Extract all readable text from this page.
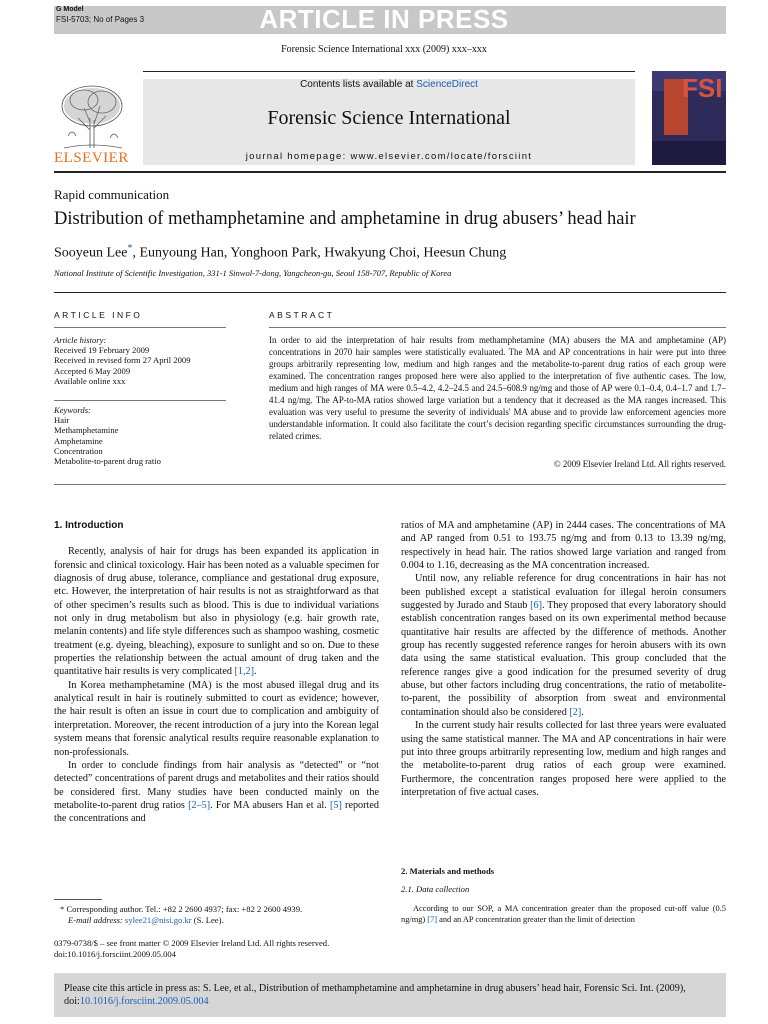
G Model
FSI-5703; No of Pages 3	ARTICLE IN PRESS
Forensic Science International xxx (2009) xxx–xxx
ELSEVIER
Contents lists available at ScienceDirect
Forensic Science International
journal homepage: www.elsevier.com/locate/forsciint
FSI
Rapid communication
Distribution of methamphetamine and amphetamine in drug abusers’ head hair
Sooyeun Lee*, Eunyoung Han, Yonghoon Park, Hwakyung Choi, Heesun Chung
National Institute of Scientific Investigation, 331-1 Sinwol-7-dong, Yangcheon-gu, Seoul 158-707, Republic of Korea
ARTICLE INFO
Article history:
Received 19 February 2009
Received in revised form 27 April 2009
Accepted 6 May 2009
Available online xxx
Keywords:
Hair
Methamphetamine
Amphetamine
Concentration
Metabolite-to-parent drug ratio
ABSTRACT
In order to aid the interpretation of hair results from methamphetamine (MA) abusers the MA and amphetamine (AP) concentrations in 2070 hair samples were statistically evaluated. The MA and AP concentrations in hair were put into three groups arbitrarily representing low, medium and high ranges and the metabolite-to-parent drug ratios of each group were examined. The concentration ranges proposed here were also applied to the interpretation of five authentic cases. The low, medium and high ranges of MA were 0.5–4.2, 4.2–24.5 and 24.5–608.9 ng/mg and those of AP were 0.1–0.4, 0.4–1.7 and 1.7–41.4 ng/mg. The AP-to-MA ratios showed large variation but a tendency that it decreased as the MA ranges increased. This evaluation was very useful to presume the severity of individuals' MA abuse and to provide law enforcement agencies more understandable information. It could also facilitate the court’s decision regarding specific circumstances surrounding the drug-related crimes.
© 2009 Elsevier Ireland Ltd. All rights reserved.
1. Introduction

Recently, analysis of hair for drugs has been expanded its application in forensic and clinical toxicology. Hair has been noted as a valuable specimen for diagnosis of drug abuse, tolerance, compliance and gestational drug exposure, etc. However, the interpretation of hair results is not as straightforward as that of other specimen’s results such as blood. This is due to individual variations not only in drug metabolism but also in physiology (e.g. hair growth rate, melanin contents) and life style differences such as shampoo washing, cosmetic treatment (e.g. dyeing, bleaching), exposure to sunlight and so on. Due to these properties the relationship between the actual amount of drug taken and the quantitative hair results is very complicated [1,2].

In Korea methamphetamine (MA) is the most abused illegal drug and its analytical result in hair is routinely submitted to court as evidence; however, the hair result is often an issue in court due to complication and ambiguity of interpretation. Moreover, the recent introduction of a jury into the Korean legal system means that forensic analytical results require reasonable explanation to non-professionals.

In order to conclude findings from hair analysis as “detected” or “not detected” concentrations of parent drugs and metabolites and their ratios should be considered first. Many studies have been conducted mainly on the metabolite-to-parent drug ratios [2–5]. For MA abusers Han et al. [5] reported the concentrations and

ratios of MA and amphetamine (AP) in 2444 cases. The concentrations of MA and AP ranged from 0.51 to 193.75 ng/mg and from 0.13 to 13.39 ng/mg, respectively in head hair. The ratios showed large variation and ranged from 0.004 to 1.16, decreasing as the MA concentration increased.

Until now, any reliable reference for drug concentrations in hair has not been published except a statistical evaluation for illegal heroin consumers suggested by Jurado and Staub [6]. They proposed that every laboratory should establish concentration ranges based on its own experimental method because quantitative hair results are affected by the difference of methods. Another group has recently suggested reference ranges for heroin abusers with its own data using the same statistical evaluation. This group concluded that the reference ranges give a good indication for the presumed severity of drug abuse, but other factors including drug concentrations, the ratio of metabolite-to-parent, the possibility of absorption from sweat and environmental contamination should also be considered [2].

In the current study hair results collected for last three years were evaluated using the same statistical manner. The MA and AP concentrations in hair were put into three groups arbitrarily representing low, medium and high ranges and the metabolite-to-parent drug ratios of each group were examined. Furthermore, the concentration ranges proposed here were applied to the interpretation of five actual cases.

2. Materials and methods
2.1. Data collection
According to our SOP, a MA concentration greater than the proposed cut-off value (0.5 ng/mg) [7] and an AP concentration greater than the limit of detection
* Corresponding author. Tel.: +82 2 2600 4937; fax: +82 2 2600 4939.
E-mail address: sylee21@nisi.go.kr (S. Lee).
0379-0738/$ – see front matter © 2009 Elsevier Ireland Ltd. All rights reserved.
doi:10.1016/j.forsciint.2009.05.004
Please cite this article in press as: S. Lee, et al., Distribution of methamphetamine and amphetamine in drug abusers’ head hair, Forensic Sci. Int. (2009), doi:10.1016/j.forsciint.2009.05.004
